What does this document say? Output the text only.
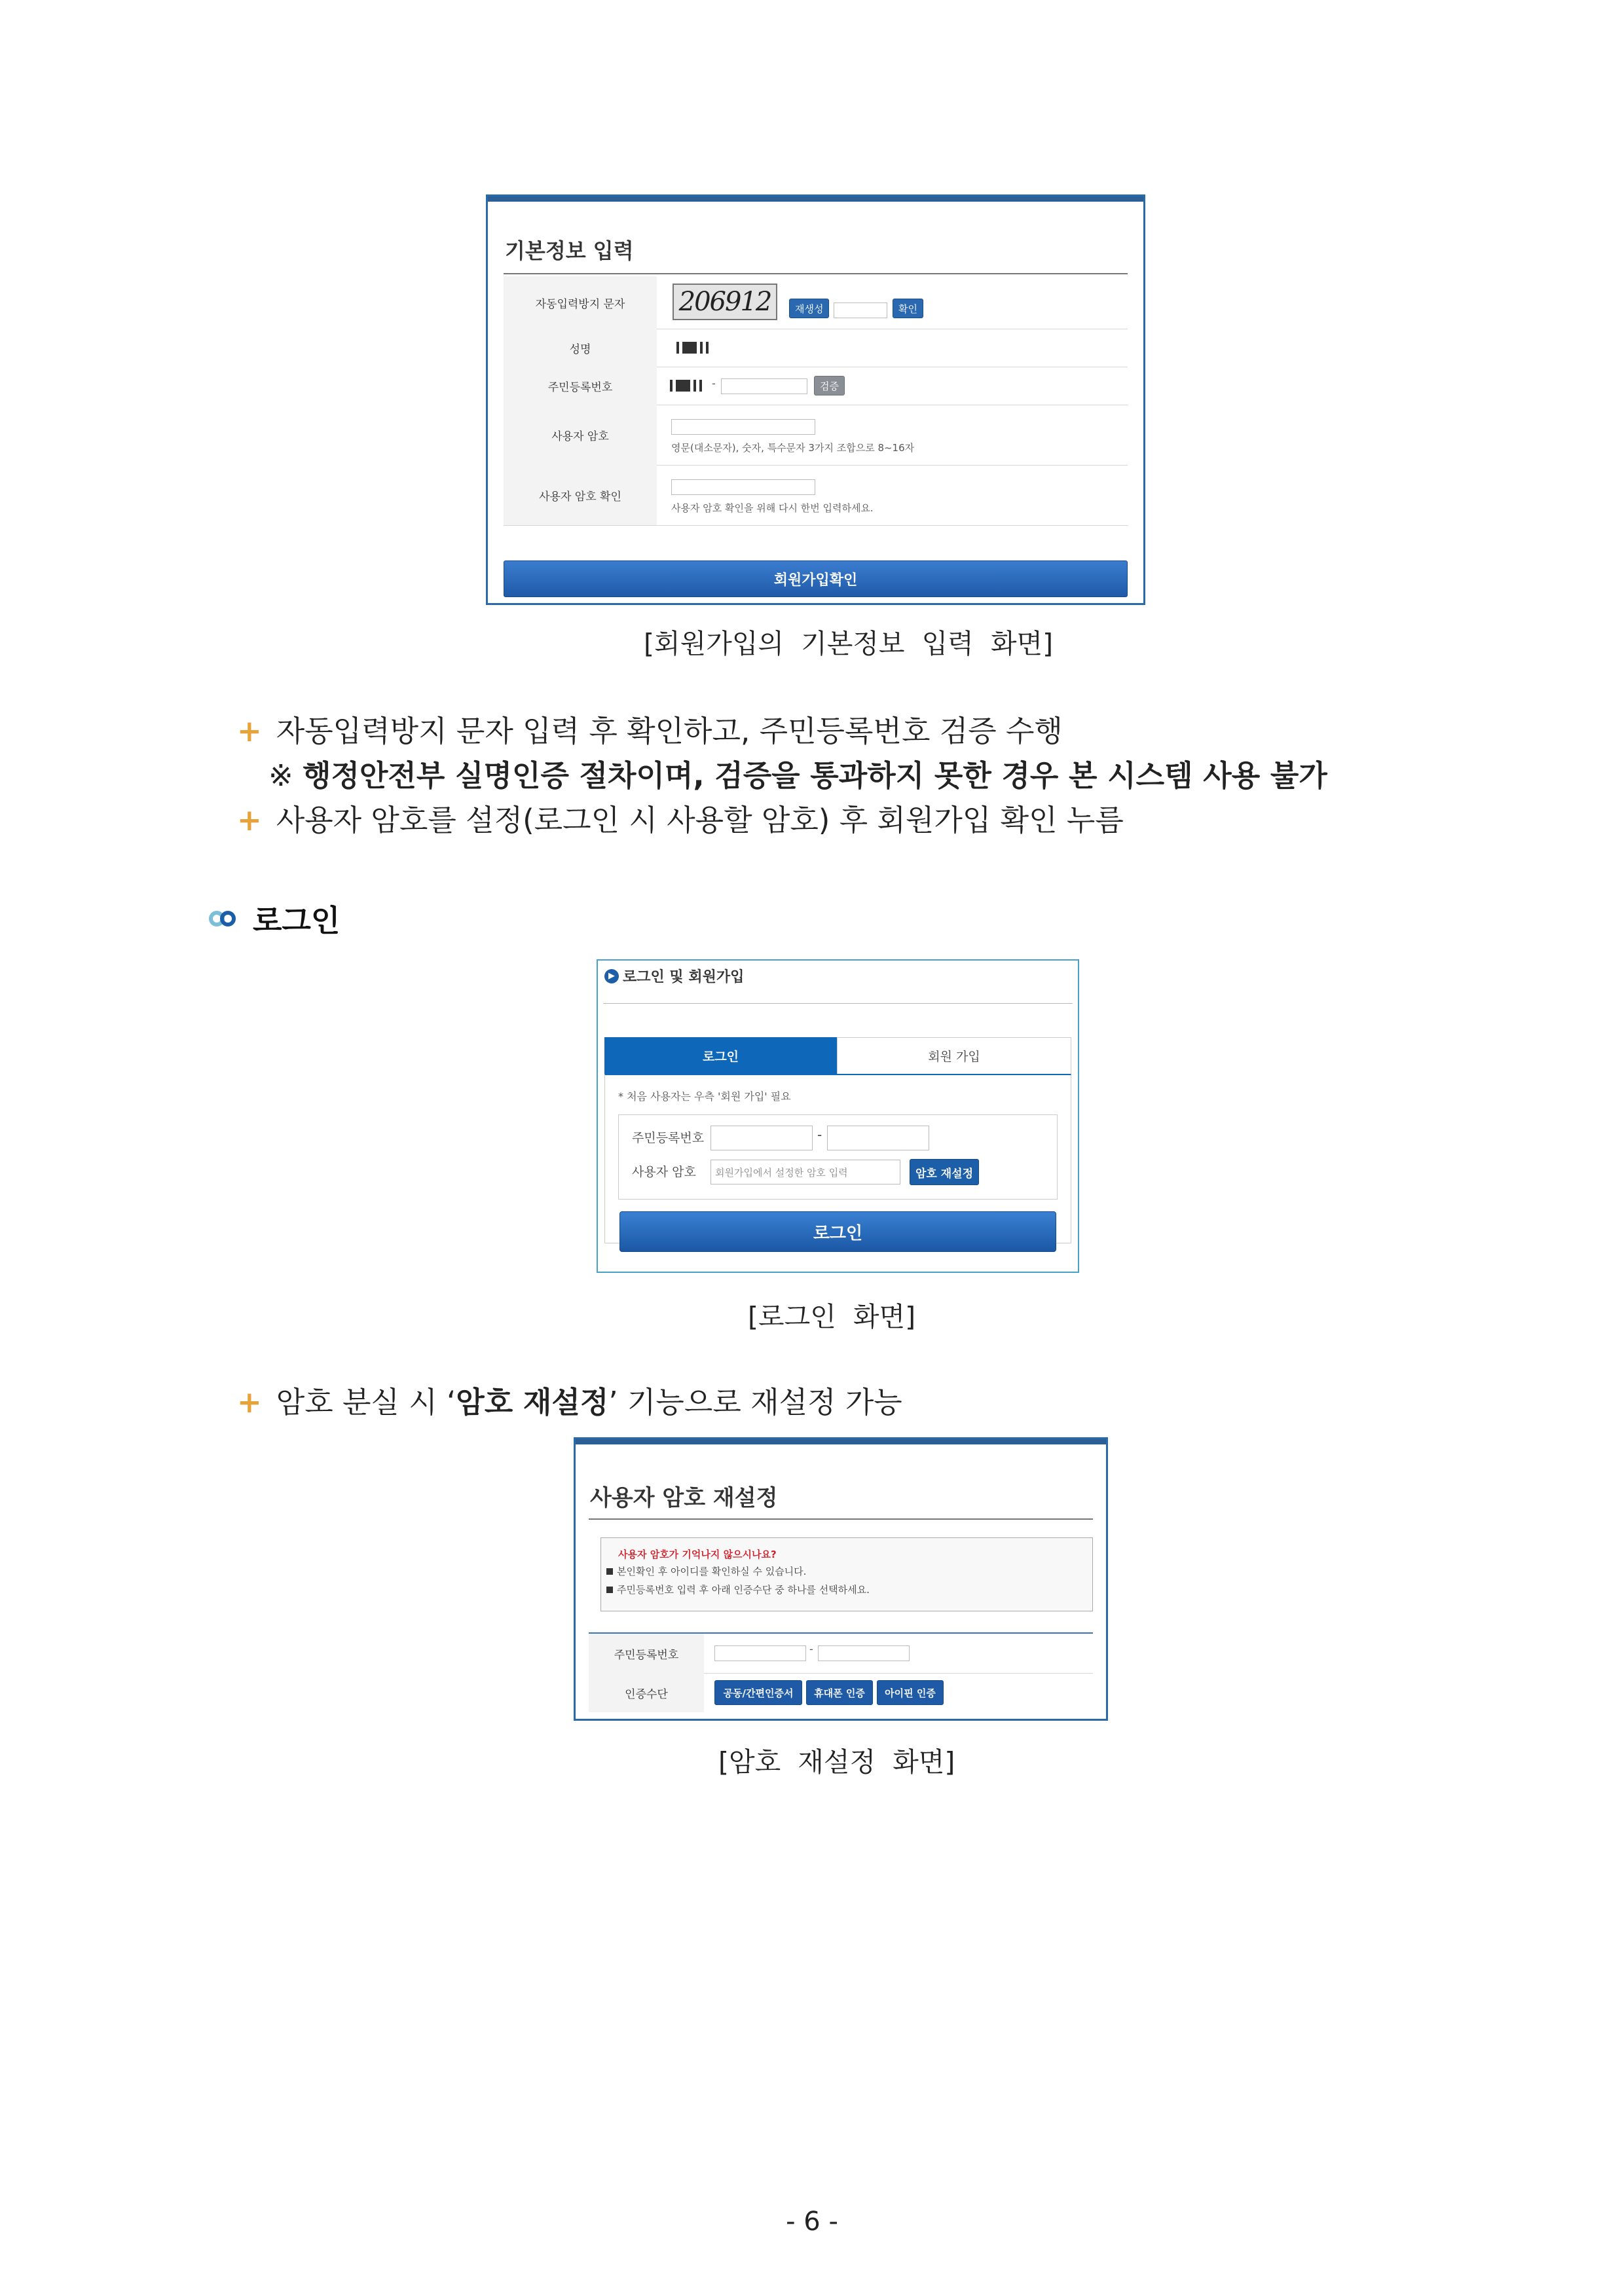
기본정보 입력
자동입력방지 문자	206912	재생성	확인
성명
주민등록번호	-	검증
사용자 암호
영문(대소문자), 숫자, 특수문자 3가지 조합으로 8~16자
사용자 암호 확인
사용자 암호 확인을 위해 다시 한번 입력하세요.
회원가입확인
[회원가입의  기본정보  입력  화면]
+ 자동입력방지 문자 입력 후 확인하고, 주민등록번호 검증 수행
※ 행정안전부 실명인증 절차이며, 검증을 통과하지 못한 경우 본 시스템 사용 불가
+ 사용자 암호를 설정(로그인 시 사용할 암호) 후 회원가입 확인 누름
로그인
▶ 로그인 및 회원가입
로그인	회원 가입
* 처음 사용자는 우측 '회원 가입' 필요
주민등록번호	-
사용자 암호 회원가입에서 설정한 암호 입력	암호 재설정
로그인
[로그인  화면]
+ 암호 분실 시 ‘암호 재설정’ 기능으로 재설정 가능
사용자 암호 재설정
사용자 암호가 기억나지 않으시나요?
본인확인 후 아이디를 확인하실 수 있습니다.
주민등록번호 입력 후 아래 인증수단 중 하나를 선택하세요.
주민등록번호	-
인증수단	공동/간편인증서	휴대폰 인증	아이핀 인증
[암호  재설정  화면]
- 6 -
